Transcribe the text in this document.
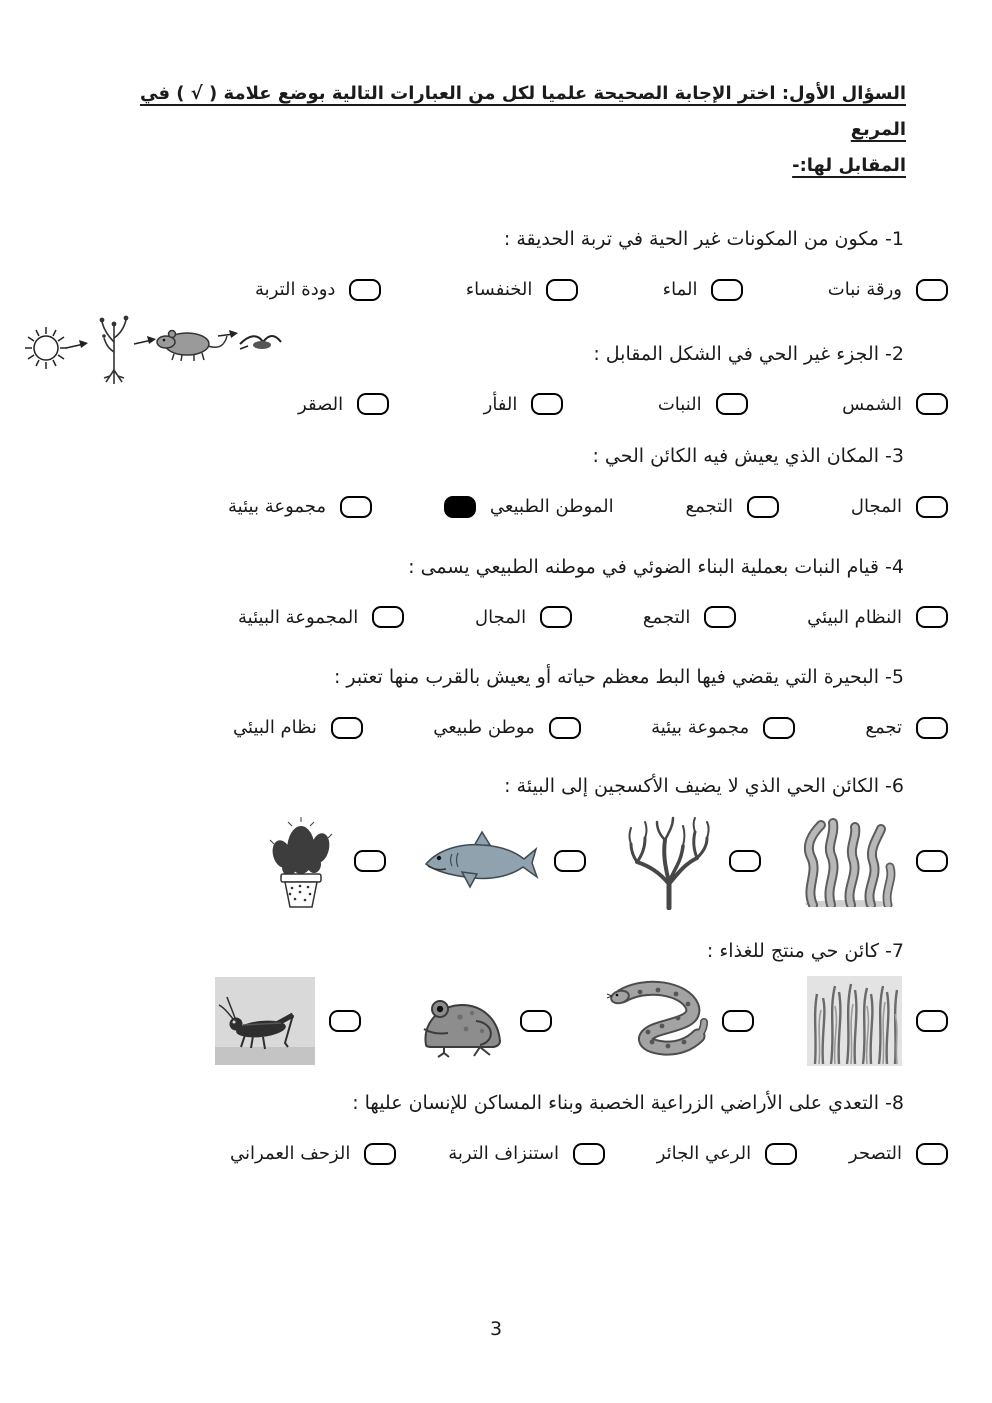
السؤال الأول: اختر الإجابة الصحيحة علميا لكل من العبارات التالية بوضع علامة ( √ ) في المربع
المقابل لها:-
1- مكون من المكونات غير الحية في تربة الحديقة :
ورقة نبات
الماء
الخنفساء
دودة التربة
2- الجزء غير الحي في الشكل المقابل :
الشمس
النبات
الفأر
الصقر
3- المكان الذي يعيش فيه الكائن الحي :
المجال
التجمع
الموطن الطبيعي
مجموعة بيئية
4- قيام النبات بعملية البناء الضوئي في موطنه الطبيعي يسمى :
النظام البيئي
التجمع
المجال
المجموعة البيئية
5- البحيرة التي يقضي فيها البط معظم حياته أو يعيش بالقرب منها تعتبر :
تجمع
مجموعة بيئية
موطن طبيعي
نظام البيئي
6- الكائن الحي الذي لا يضيف الأكسجين إلى البيئة :
7- كائن حي منتج للغذاء :
8- التعدي على الأراضي الزراعية الخصبة وبناء المساكن للإنسان عليها :
التصحر
الرعي الجائر
استنزاف التربة
الزحف العمراني
3
